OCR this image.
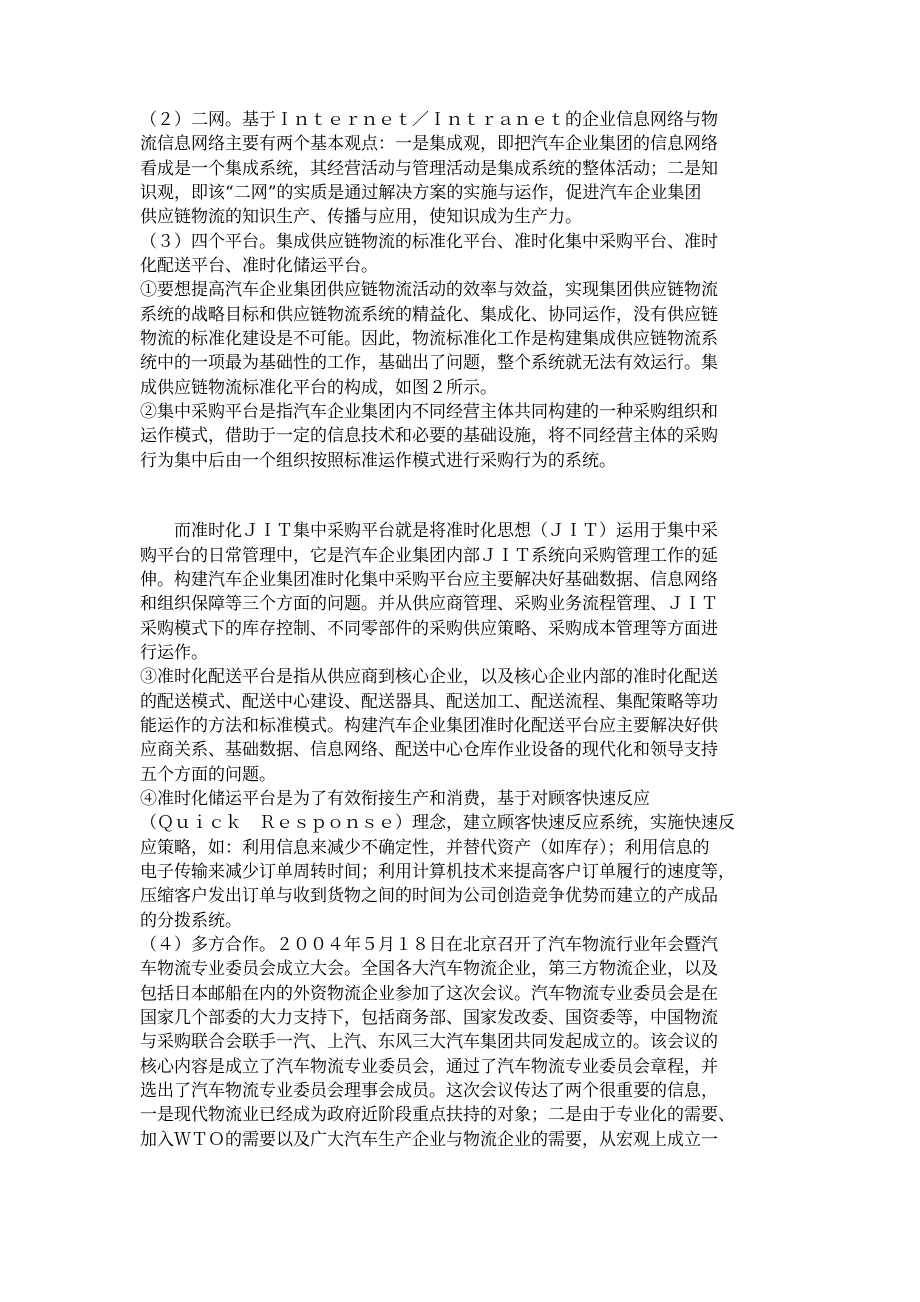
（２）二网。基于Ｉｎｔｅｒｎｅｔ／Ｉｎｔｒａｎｅｔ的企业信息网络与物
流信息网络主要有两个基本观点：一是集成观，即把汽车企业集团的信息网络
看成是一个集成系统，其经营活动与管理活动是集成系统的整体活动；二是知
识观，即该“二网”的实质是通过解决方案的实施与运作，促进汽车企业集团
供应链物流的知识生产、传播与应用，使知识成为生产力。
（３）四个平台。集成供应链物流的标准化平台、准时化集中采购平台、准时
化配送平台、准时化储运平台。
①要想提高汽车企业集团供应链物流活动的效率与效益，实现集团供应链物流
系统的战略目标和供应链物流系统的精益化、集成化、协同运作，没有供应链
物流的标准化建设是不可能。因此，物流标准化工作是构建集成供应链物流系
统中的一项最为基础性的工作，基础出了问题，整个系统就无法有效运行。集
成供应链物流标准化平台的构成，如图２所示。
②集中采购平台是指汽车企业集团内不同经营主体共同构建的一种采购组织和
运作模式，借助于一定的信息技术和必要的基础设施，将不同经营主体的采购
行为集中后由一个组织按照标准运作模式进行采购行为的系统。
　　而准时化ＪＩＴ集中采购平台就是将准时化思想（ＪＩＴ）运用于集中采
购平台的日常管理中，它是汽车企业集团内部ＪＩＴ系统向采购管理工作的延
伸。构建汽车企业集团准时化集中采购平台应主要解决好基础数据、信息网络
和组织保障等三个方面的问题。并从供应商管理、采购业务流程管理、ＪＩＴ
采购模式下的库存控制、不同零部件的采购供应策略、采购成本管理等方面进
行运作。
③准时化配送平台是指从供应商到核心企业，以及核心企业内部的准时化配送
的配送模式、配送中心建设、配送器具、配送加工、配送流程、集配策略等功
能运作的方法和标准模式。构建汽车企业集团准时化配送平台应主要解决好供
应商关系、基础数据、信息网络、配送中心仓库作业设备的现代化和领导支持
五个方面的问题。
④准时化储运平台是为了有效衔接生产和消费，基于对顾客快速反应
（Ｑｕｉｃｋ　Ｒｅｓｐｏｎｓｅ）理念，建立顾客快速反应系统，实施快速反
应策略，如：利用信息来减少不确定性，并替代资产（如库存）；利用信息的
电子传输来减少订单周转时间；利用计算机技术来提高客户订单履行的速度等，
压缩客户发出订单与收到货物之间的时间为公司创造竞争优势而建立的产成品
的分拨系统。
（４）多方合作。２００４年５月１８日在北京召开了汽车物流行业年会暨汽
车物流专业委员会成立大会。全国各大汽车物流企业，第三方物流企业，以及
包括日本邮船在内的外资物流企业参加了这次会议。汽车物流专业委员会是在
国家几个部委的大力支持下，包括商务部、国家发改委、国资委等，中国物流
与采购联合会联手一汽、上汽、东风三大汽车集团共同发起成立的。该会议的
核心内容是成立了汽车物流专业委员会，通过了汽车物流专业委员会章程，并
选出了汽车物流专业委员会理事会成员。这次会议传达了两个很重要的信息，
一是现代物流业已经成为政府近阶段重点扶持的对象；二是由于专业化的需要、
加入ＷＴＯ的需要以及广大汽车生产企业与物流企业的需要，从宏观上成立一
